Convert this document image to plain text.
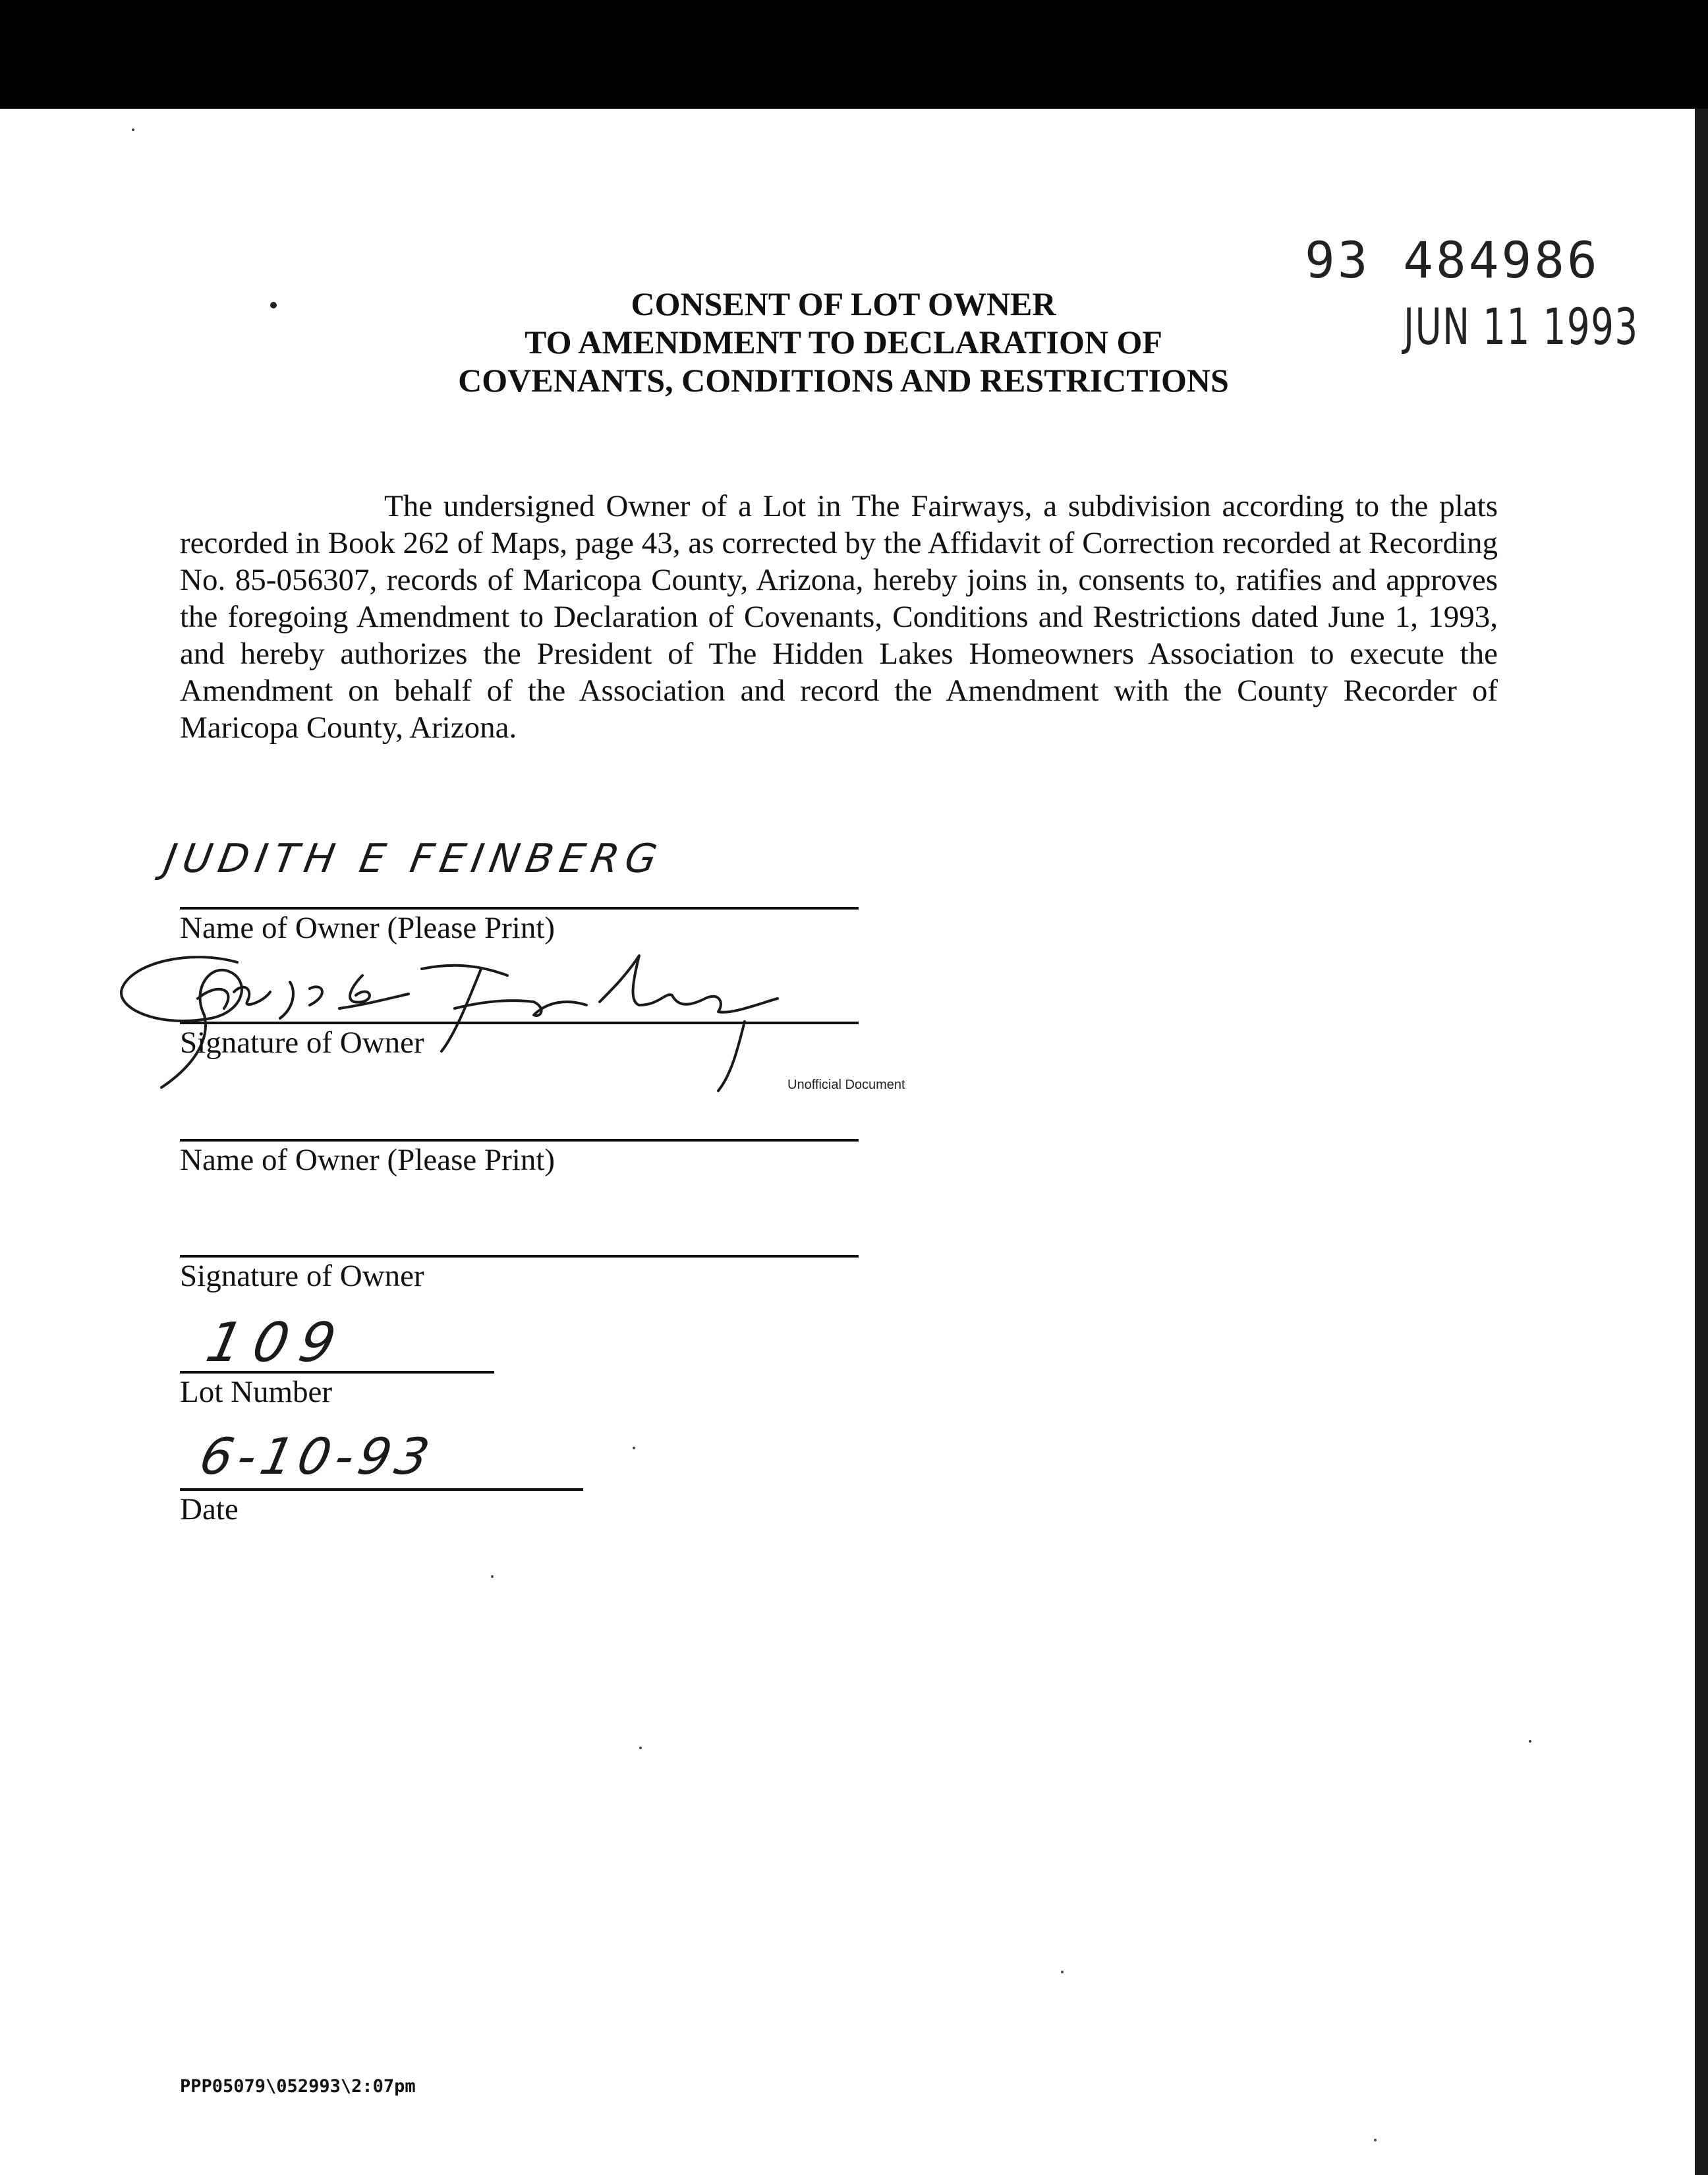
93 484986
JUN 11 1993
CONSENT OF LOT OWNER
TO AMENDMENT TO DECLARATION OF
COVENANTS, CONDITIONS AND RESTRICTIONS
The undersigned Owner of a Lot in The Fairways, a subdivision according to the plats recorded in Book 262 of Maps, page 43, as corrected by the Affidavit of Correction recorded at Recording No. 85-056307, records of Maricopa County, Arizona, hereby joins in, consents to, ratifies and approves the foregoing Amendment to Declaration of Covenants, Conditions and Restrictions dated June 1, 1993, and hereby authorizes the President of The Hidden Lakes Homeowners Association to execute the Amendment on behalf of the Association and record the Amendment with the County Recorder of Maricopa County, Arizona.
JUDITH E FEINBERG
Name of Owner (Please Print)
Signature of Owner
Unofficial Document
Name of Owner (Please Print)
Signature of Owner
109
Lot Number
6-10-93
Date
PPP05079\052993\2:07pm
